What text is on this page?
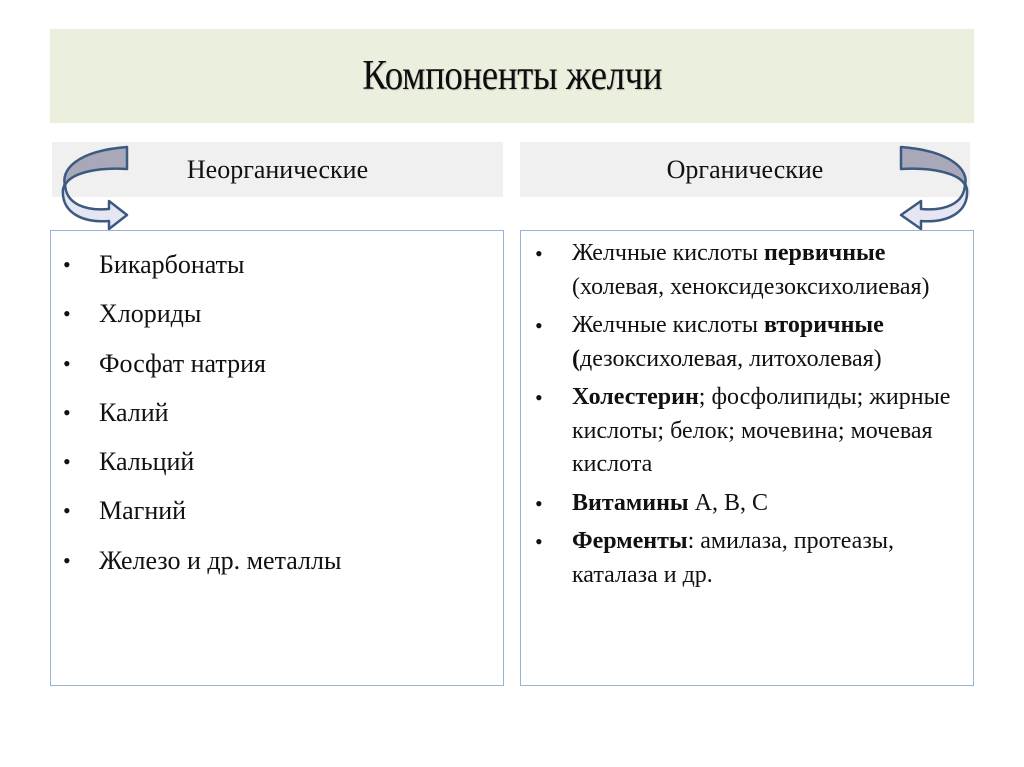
Компоненты желчи
Неорганические	Органические
• Бикарбонаты
• Хлориды
• Фосфат натрия
• Калий
• Кальций
• Магний
• Железо и др. металлы
• Желчные кислоты первичные (холевая, хеноксидезоксихолиевая)
• Желчные кислоты вторичные (дезоксихолевая, литохолевая)
• Холестерин; фосфолипиды; жирные кислоты; белок; мочевина; мочевая кислота
• Витамины А, В, С
• Ферменты: амилаза, протеазы, каталаза и др.
